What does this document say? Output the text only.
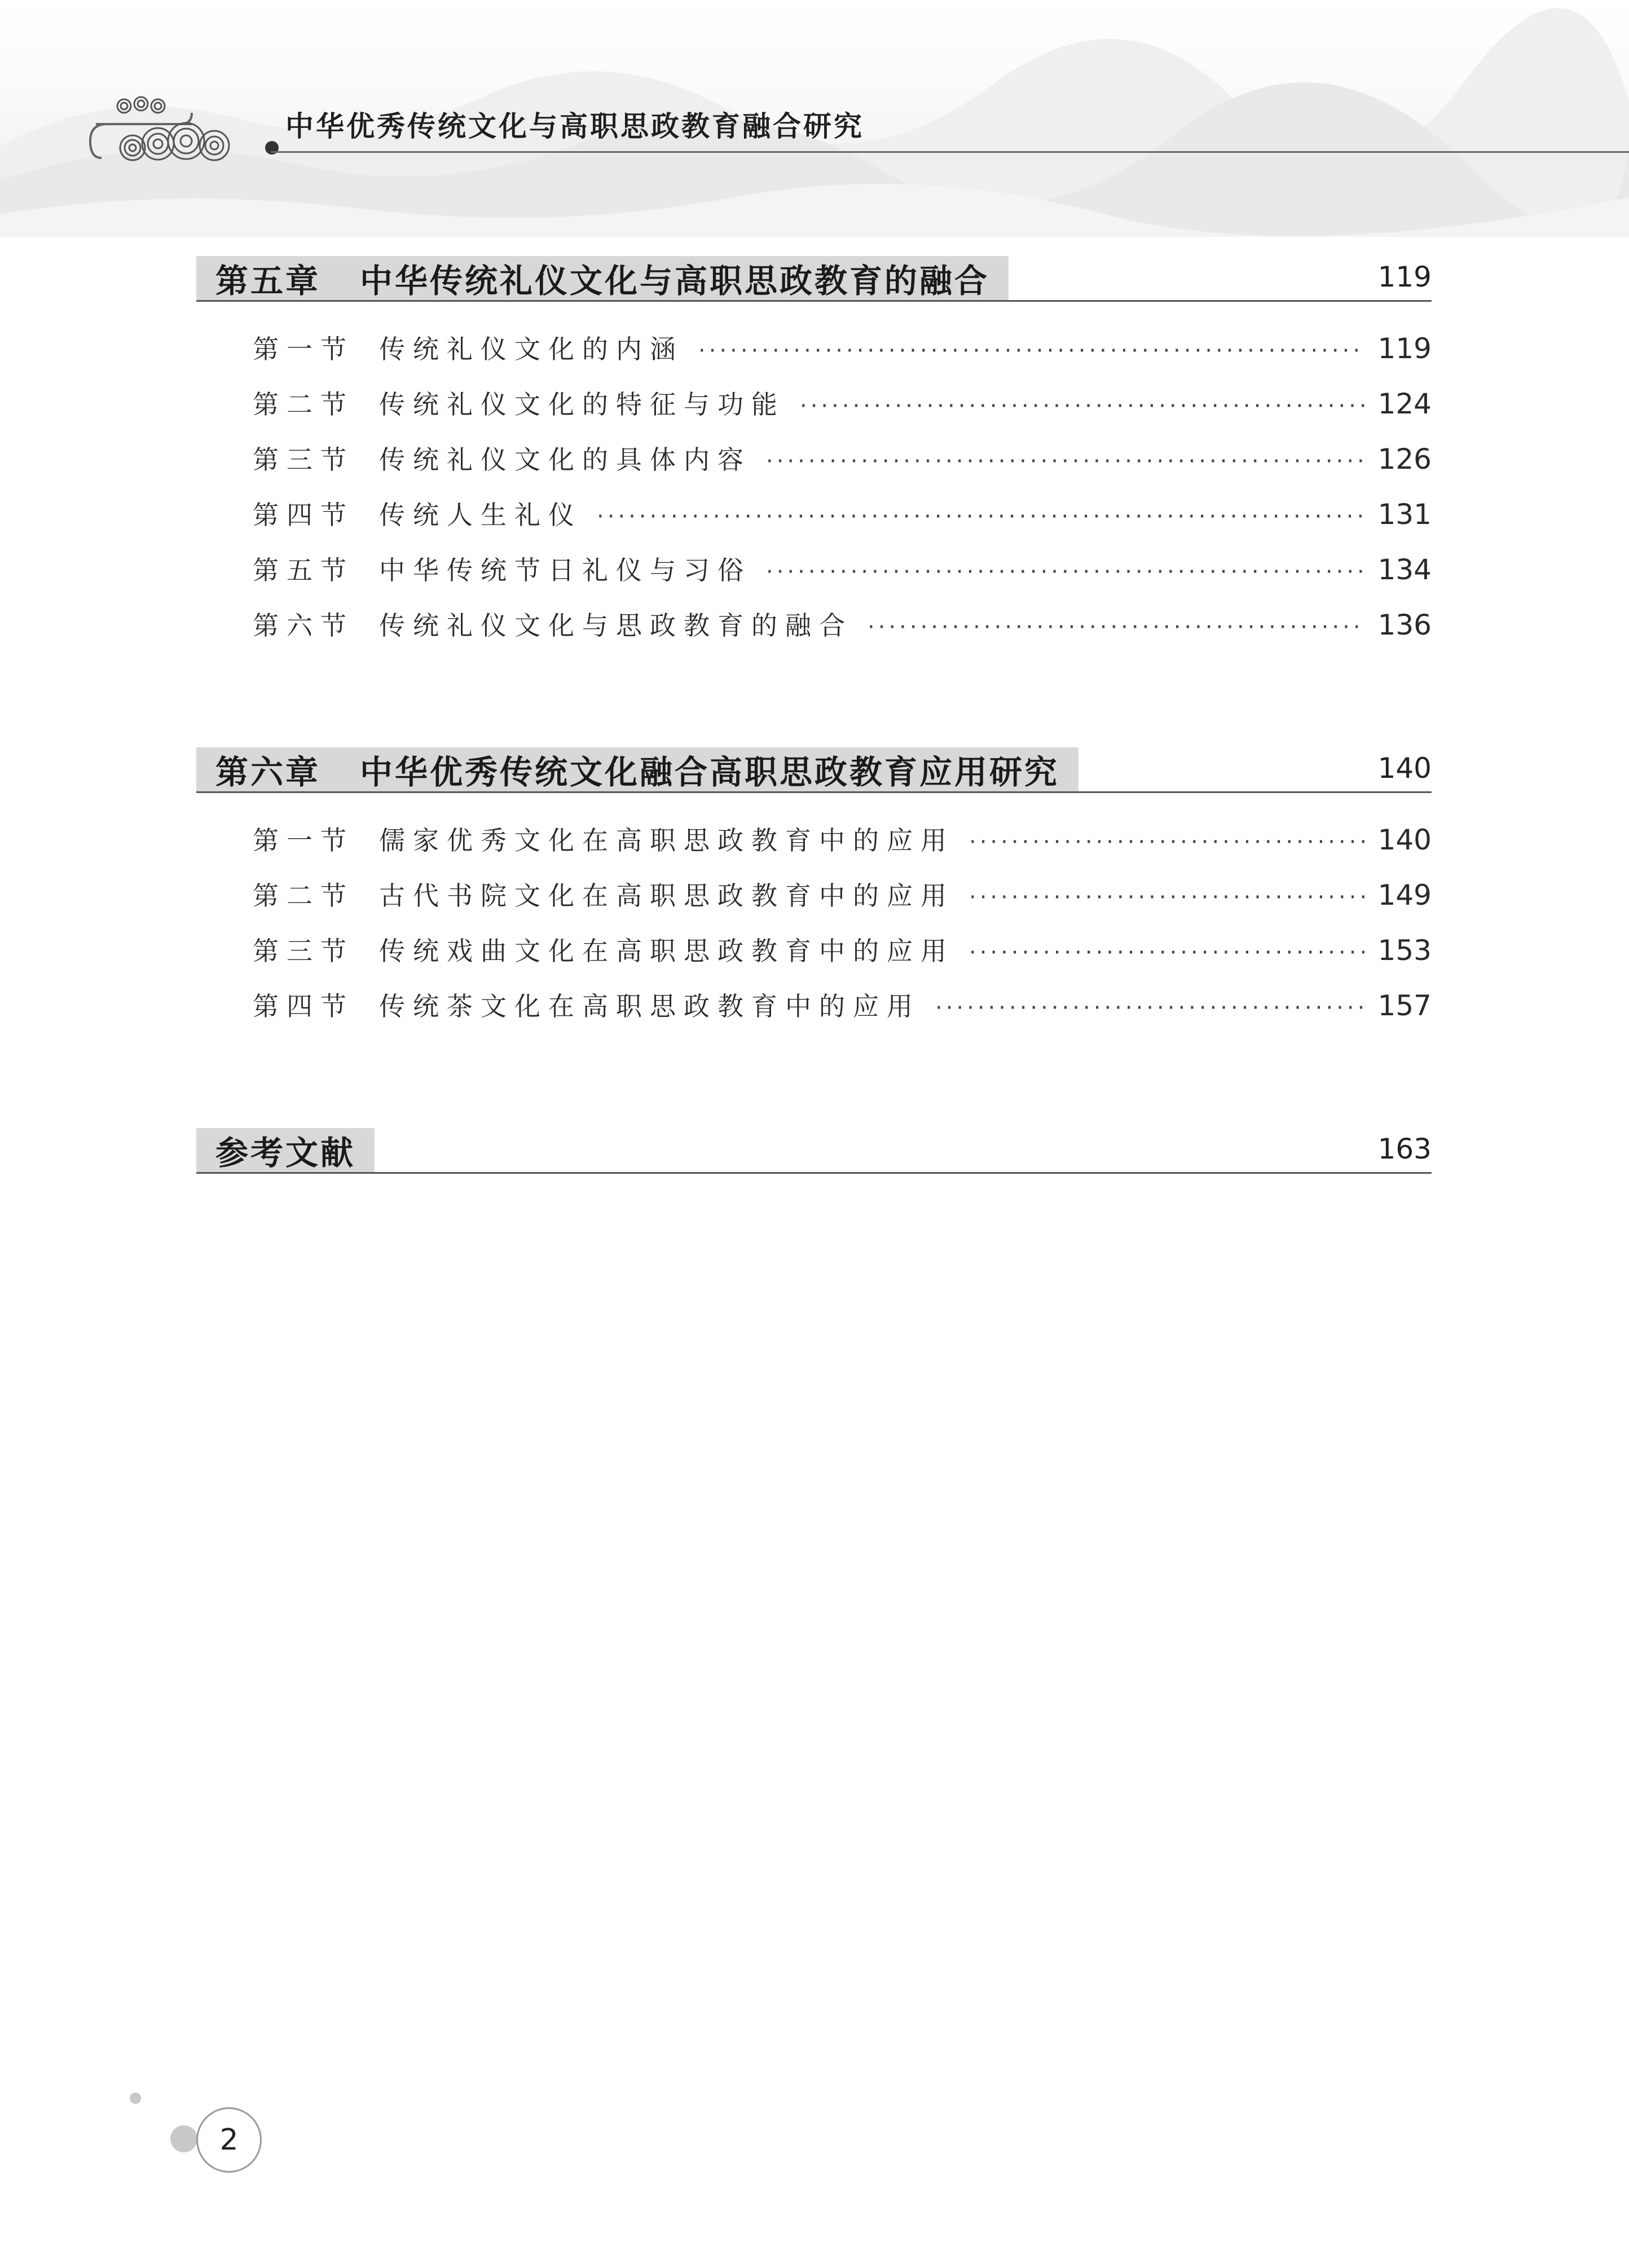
中华优秀传统文化与高职思政教育融合研究
第五章 中华传统礼仪文化与高职思政教育的融合	119
第一节 传统礼仪文化的内涵 ·····	119
第二节 传统礼仪文化的特征与功能 ·····	124
第三节 传统礼仪文化的具体内容 ·····	126
第四节 传统人生礼仪 ·····	131
第五节 中华传统节日礼仪与习俗 ·····	134
第六节 传统礼仪文化与思政教育的融合 ·····	136
第六章 中华优秀传统文化融合高职思政教育应用研究	140
第一节 儒家优秀文化在高职思政教育中的应用 ·····	140
第二节 古代书院文化在高职思政教育中的应用 ·····	149
第三节 传统戏曲文化在高职思政教育中的应用 ·····	153
第四节 传统茶文化在高职思政教育中的应用 ·····	157
参考文献	163
2
